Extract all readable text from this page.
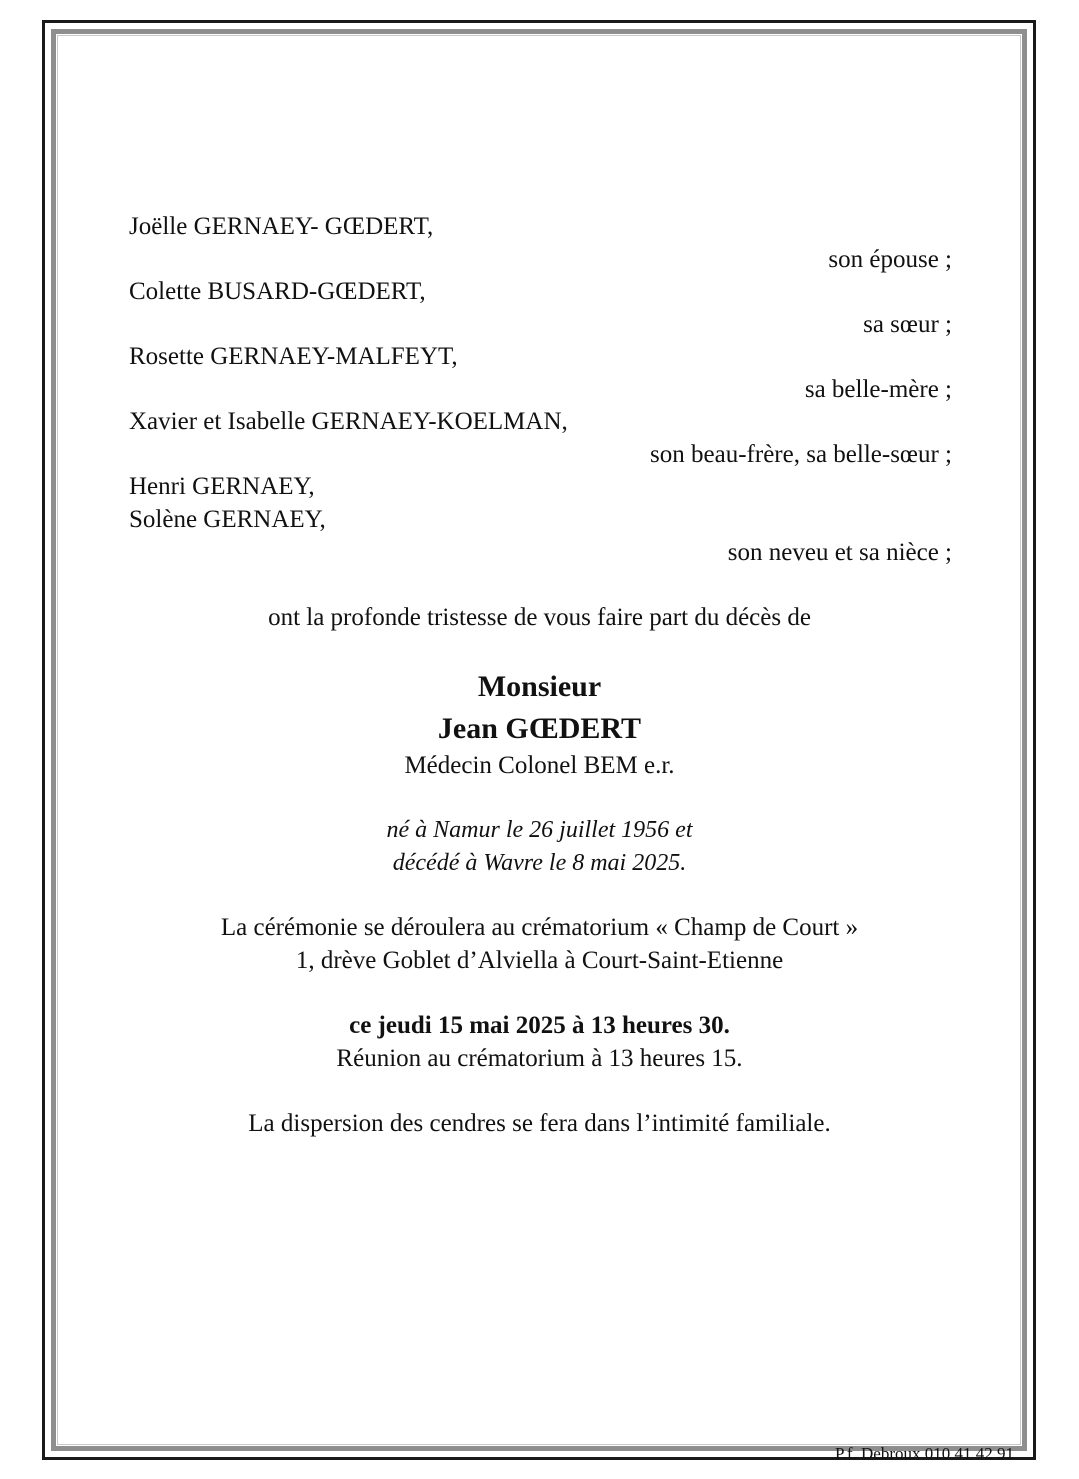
Joëlle GERNAEY- GŒDERT,
son épouse ;
Colette BUSARD-GŒDERT,
sa sœur ;
Rosette GERNAEY-MALFEYT,
sa belle-mère ;
Xavier et Isabelle GERNAEY-KOELMAN,
son beau-frère, sa belle-sœur ;
Henri GERNAEY,
Solène GERNAEY,
son neveu et sa nièce ;
ont la profonde tristesse de vous faire part du décès de
Monsieur
Jean GŒDERT
Médecin Colonel BEM e.r.
né à Namur le 26 juillet 1956 et
décédé à Wavre le 8 mai 2025.
La cérémonie se déroulera au crématorium « Champ de Court »
1, drève Goblet d’Alviella à Court-Saint-Etienne
ce jeudi 15 mai 2025 à 13 heures 30.
Réunion au crématorium à 13 heures 15.
La dispersion des cendres se fera dans l’intimité familiale.
P.f. Debroux 010 41 42 91
